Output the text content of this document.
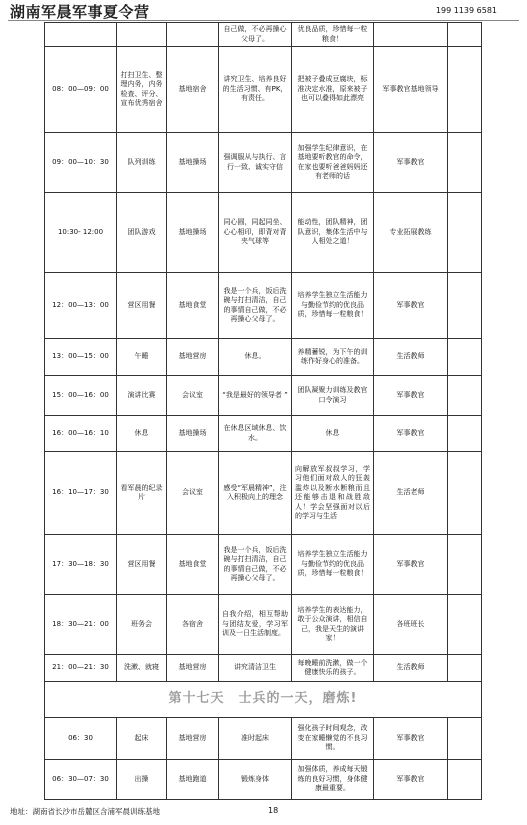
湖南军晨军事夏令营	199 1139 6581
			自己做，不必再操心父母了。	优良品质，珍惜每一粒粮食！		
08：00—09：00	打扫卫生、整理内务，内务检查、评分、宣布优秀宿舍	基地宿舍	讲究卫生、培养良好的生活习惯、有PK，有责任。	把被子叠成豆腐块，标准决定水准，原来被子也可以叠得如此漂亮	军事教官基地领导	
09：00—10：30	队列训练	基地操场	强调服从与执行、言行一致、诚实守信	加强学生纪律意识，在基地要听教官的命令，在家也要听爸爸妈妈还有老师的话	军事教官	
10:30- 12:00	团队游戏	基地操场	同心圆，同起同坐、心心相印，即背对背夹气球等	能动性，团队精神，团队意识，集体生活中与人相处之道！	专业拓展教练	
12：00—13：00	营区用餐	基地食堂	我是一个兵，饭后洗碗与打扫清洁，自己的事情自己做，不必再操心父母了。	培养学生独立生活能力与勤俭节约的优良品质，珍惜每一粒粮食！	军事教官	
13：00—15：00	午睡	基地营房	休息。	养精蓄锐，为下午的训练作好身心的准备。	生活教师	
15：00—16：00	演讲比赛	会议室	“我是最好的领导者 ”	团队凝聚力训练及教官口令演习	军事教官	
16：00—16：10	休息	基地操场	在休息区域休息、饮水。	休息	军事教官	
16：10—17：30	看军晨的纪录片	会议室	感受“军晨精神”，注入积极向上的理念	向解放军叔叔学习，学习他们面对敌人的狂轰滥炸以及断水断粮而且还能够击退和战胜敌人！学会坚强面对以后的学习与生活	生活老师	
17：30—18：30	营区用餐	基地食堂	我是一个兵，饭后洗碗与打扫清洁，自己的事情自己做，不必再操心父母了。	培养学生独立生活能力与勤俭节约的优良品质，珍惜每一粒粮食！	军事教官	
18：30—21：00	班务会	各宿舍	自我介绍，相互帮助与团结友爱，学习军训及一日生活制度。	培养学生的表达能力，敢于公众演讲，相信自己，我是天生的演讲家！	各班班长	
21：00—21：30	洗漱、就寝	基地营房	讲究清洁卫生	每晚睡前洗漱，做一个健康快乐的孩子。	生活教师	
第十七天 士兵的一天，磨炼!						
06：30	起床	基地营房	准时起床	强化孩子时间观念，改变在家睡懒觉的不良习惯。	军事教官	
06：30—07：30	出操	基地跑道	锻炼身体	加强体质，养成每天锻炼的良好习惯，身体健康最重要。	军事教官	
地址：湖南省长沙市岳麓区含浦军晨训练基地	18
